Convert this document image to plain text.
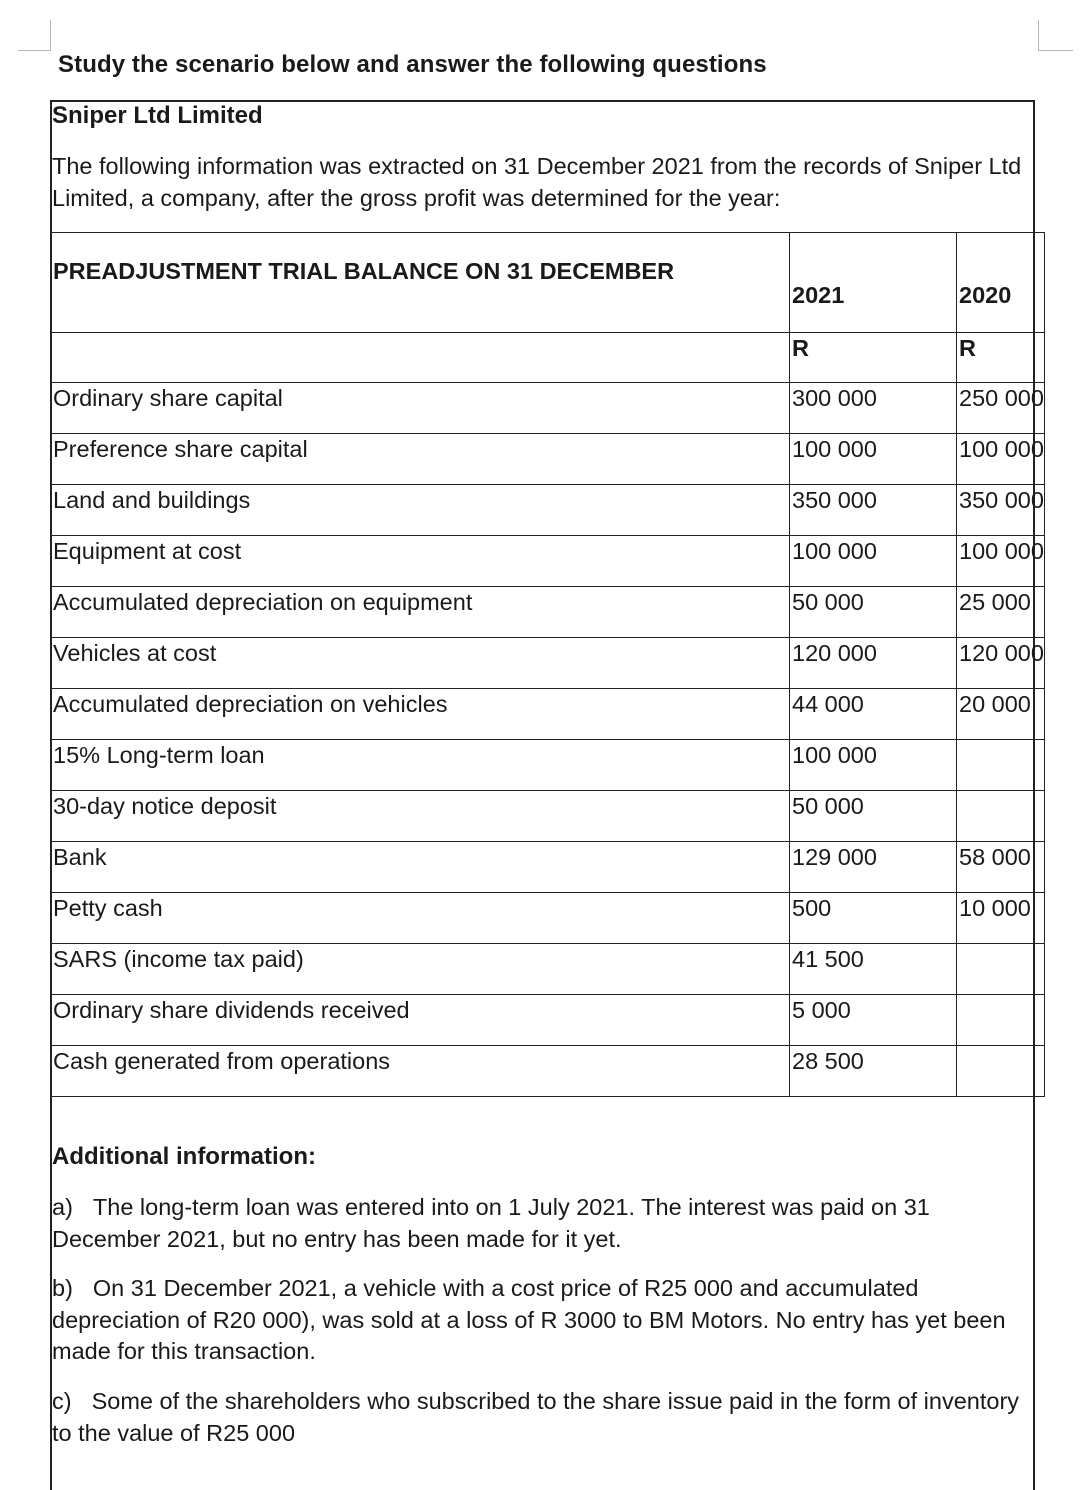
Study the scenario below and answer the following questions
Sniper Ltd Limited
The following information was extracted on 31 December 2021 from the records of Sniper Ltd Limited, a company, after the gross profit was determined for the year:
PREADJUSTMENT TRIAL BALANCE ON 31 DECEMBER	2021	2020
	R	R
Ordinary share capital	300 000	250 000
Preference share capital	100 000	100 000
Land and buildings	350 000	350 000
Equipment at cost	100 000	100 000
Accumulated depreciation on equipment	50 000	25 000
Vehicles at cost	120 000	120 000
Accumulated depreciation on vehicles	44 000	20 000
15% Long-term loan	100 000	
30-day notice deposit	50 000	
Bank	129 000	58 000
Petty cash	500	10 000
SARS (income tax paid)	41 500	
Ordinary share dividends received	5 000	
Cash generated from operations	28 500	
Additional information:
a) The long-term loan was entered into on 1 July 2021. The interest was paid on 31 December 2021, but no entry has been made for it yet.
b) On 31 December 2021, a vehicle with a cost price of R25 000 and accumulated depreciation of R20 000), was sold at a loss of R 3000 to BM Motors. No entry has yet been made for this transaction.
c) Some of the shareholders who subscribed to the share issue paid in the form of inventory to the value of R25 000
